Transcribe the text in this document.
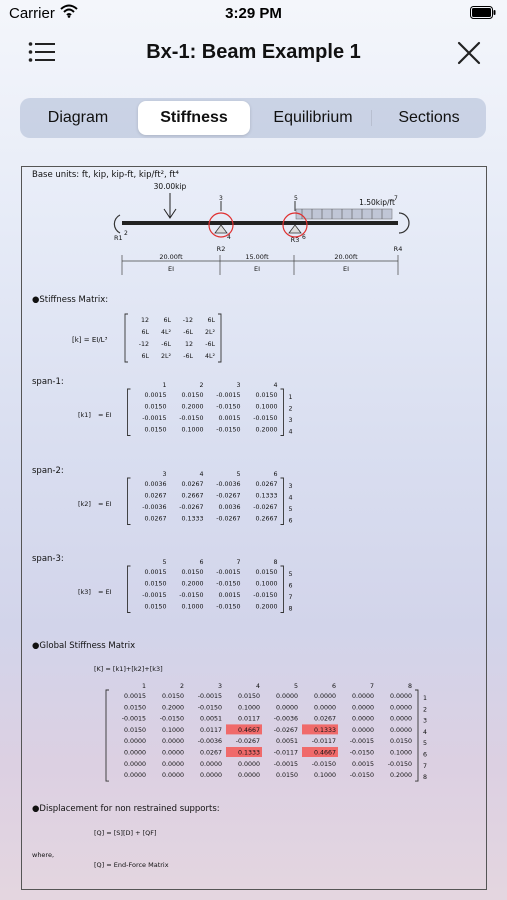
Carrier	3:29 PM
Bx-1: Beam Example 1
Diagram	Stiffness	Equilibrium	Sections
Base units: ft, kip, kip-ft, kip/ft², ft⁴
30.00kip
1.50kip/ft
2
3
4
5
6
7
R1
R2
R3
R4
20.00ft
EI
15.00ft
EI
20.00ft
EI
●Stiffness Matrix:
[k] = EI/L³
12 6L -12 6L
6L 4L² -6L 2L²
-12 -6L 12 -6L
6L 2L² -6L 4L²
span-1:
[k1] = EI
1
1
2
2
3
3
4
4
0.0015 0.0150 -0.0015 0.0150
0.0150 0.2000 -0.0150 0.1000
-0.0015 -0.0150 0.0015 -0.0150
0.0150 0.1000 -0.0150 0.2000
span-2:
[k2] = EI
3
3
4
4
5
5
6
6
0.0036 0.0267 -0.0036 0.0267
0.0267 0.2667 -0.0267 0.1333
-0.0036 -0.0267 0.0036 -0.0267
0.0267 0.1333 -0.0267 0.2667
span-3:
[k3] = EI
5
5
6
6
7
7
8
8
0.0015 0.0150 -0.0015 0.0150
0.0150 0.2000 -0.0150 0.1000
-0.0015 -0.0150 0.0015 -0.0150
0.0150 0.1000 -0.0150 0.2000
●Global Stiffness Matrix
[K] = [k1]+[k2]+[k3]
1
1
2
2
3
3
4
4
5
5
6
6
7
7
8
8
0.0015	0.0150 -0.0015	0.0150	0.0000	0.0000	0.0000	0.0000
0.0150	0.2000 -0.0150	0.1000	0.0000	0.0000	0.0000	0.0000
-0.0015 -0.0150	0.0051	0.0117 -0.0036	0.0267	0.0000	0.0000
0.0150	0.1000	0.0117	0.4667 -0.0267	0.1333	0.0000	0.0000
0.0000	0.0000 -0.0036 -0.0267	0.0051 -0.0117 -0.0015	0.0150
0.0000	0.0000	0.0267	0.1333 -0.0117	0.4667 -0.0150	0.1000
0.0000	0.0000	0.0000	0.0000 -0.0015 -0.0150	0.0015 -0.0150
0.0000	0.0000	0.0000	0.0000	0.0150	0.1000 -0.0150	0.2000
●Displacement for non restrained supports:
[Q] = [S][D] + [QF]
where,
[Q] = End-Force Matrix
